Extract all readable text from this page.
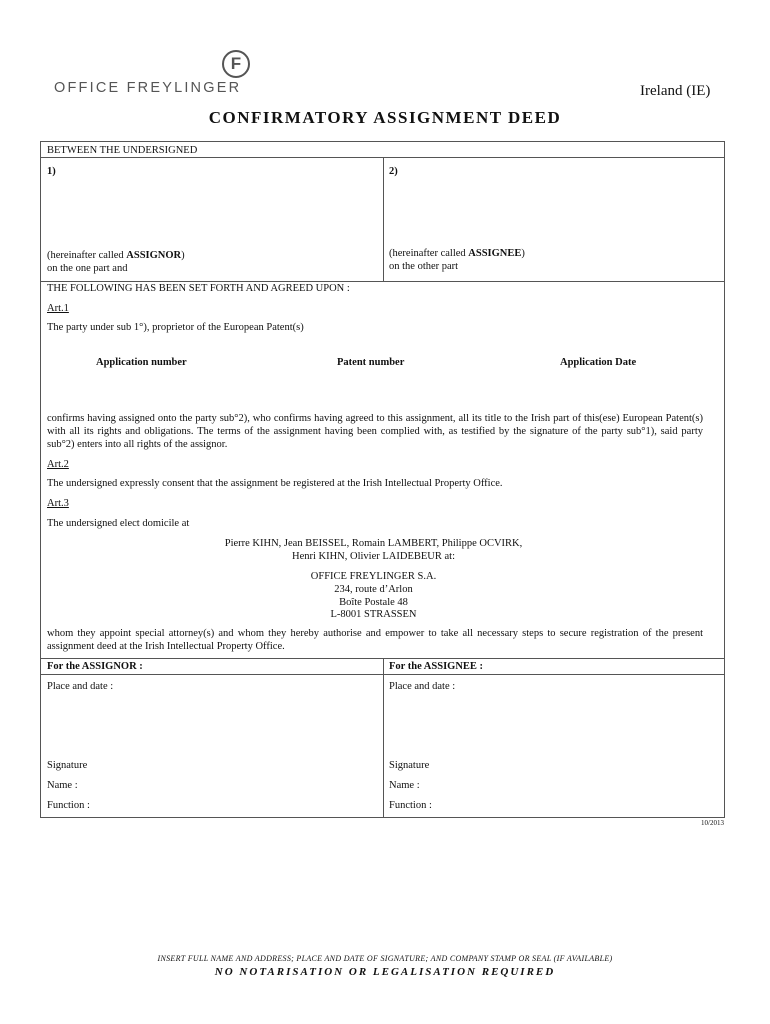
F
OFFICE FREYLINGER	Ireland (IE)
CONFIRMATORY ASSIGNMENT DEED
BETWEEN THE UNDERSIGNED
1)	2)
(hereinafter called ASSIGNOR)
on the one part and
(hereinafter called ASSIGNEE)
on the other part
THE FOLLOWING HAS BEEN SET FORTH AND AGREED UPON :
Art.1
The party under sub 1°), proprietor of the European Patent(s)
Application number	Patent number	Application Date
confirms having assigned onto the party sub°2), who confirms having agreed to this assignment, all its title to the Irish part of this(ese) European Patent(s) with all its rights and obligations. The terms of the assignment having been complied with, as testified by the signature of the party sub°1), said party sub°2) enters into all rights of the assignor.
Art.2
The undersigned expressly consent that the assignment be registered at the Irish Intellectual Property Office.
Art.3
The undersigned elect domicile at
Pierre KIHN, Jean BEISSEL, Romain LAMBERT, Philippe OCVIRK,
Henri KIHN, Olivier LAIDEBEUR at:
OFFICE FREYLINGER S.A.
234, route d’Arlon
Boîte Postale 48
L-8001 STRASSEN
whom they appoint special attorney(s) and whom they hereby authorise and empower to take all necessary steps to secure registration of the present assignment deed at the Irish Intellectual Property Office.
For the ASSIGNOR :	For the ASSIGNEE :
Place and date :	Place and date :
Signature	Signature
Name :	Name :
Function :	Function :
10/2013
INSERT FULL NAME AND ADDRESS; PLACE AND DATE OF SIGNATURE; AND COMPANY STAMP OR SEAL (IF AVAILABLE)
NO NOTARISATION OR LEGALISATION REQUIRED
